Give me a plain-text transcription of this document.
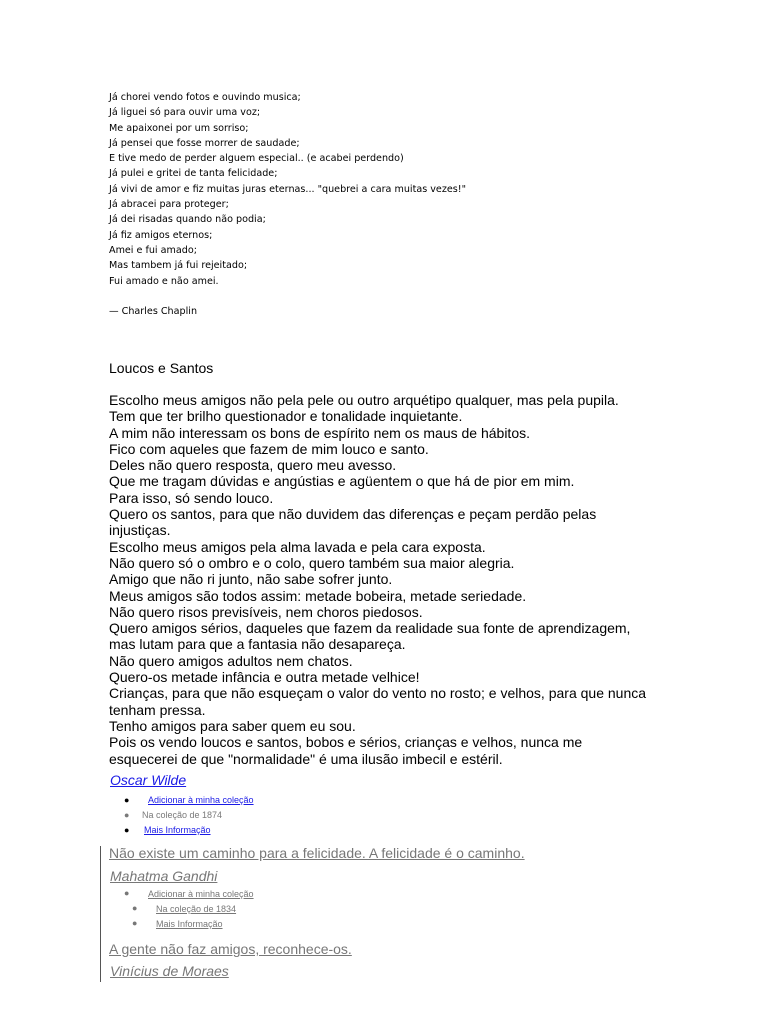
Já chorei vendo fotos e ouvindo musica;
Já liguei só para ouvir uma voz;
Me apaixonei por um sorriso;
Já pensei que fosse morrer de saudade;
E tive medo de perder alguem especial.. (e acabei perdendo)
Já pulei e gritei de tanta felicidade;
Já vivi de amor e fiz muitas juras eternas... "quebrei a cara muitas vezes!"
Já abracei para proteger;
Já dei risadas quando não podia;
Já fiz amigos eternos;
Amei e fui amado;
Mas tambem já fui rejeitado;
Fui amado e não amei.
— Charles Chaplin
Loucos e Santos
Escolho meus amigos não pela pele ou outro arquétipo qualquer, mas pela pupila.
Tem que ter brilho questionador e tonalidade inquietante.
A mim não interessam os bons de espírito nem os maus de hábitos.
Fico com aqueles que fazem de mim louco e santo.
Deles não quero resposta, quero meu avesso.
Que me tragam dúvidas e angústias e agüentem o que há de pior em mim.
Para isso, só sendo louco.
Quero os santos, para que não duvidem das diferenças e peçam perdão pelas injustiças.
Escolho meus amigos pela alma lavada e pela cara exposta.
Não quero só o ombro e o colo, quero também sua maior alegria.
Amigo que não ri junto, não sabe sofrer junto.
Meus amigos são todos assim: metade bobeira, metade seriedade.
Não quero risos previsíveis, nem choros piedosos.
Quero amigos sérios, daqueles que fazem da realidade sua fonte de aprendizagem, mas lutam para que a fantasia não desapareça.
Não quero amigos adultos nem chatos.
Quero-os metade infância e outra metade velhice!
Crianças, para que não esqueçam o valor do vento no rosto; e velhos, para que nunca tenham pressa.
Tenho amigos para saber quem eu sou.
Pois os vendo loucos e santos, bobos e sérios, crianças e velhos, nunca me esquecerei de que "normalidade" é uma ilusão imbecil e estéril.
Oscar Wilde
● Adicionar à minha coleção
● Na coleção de 1874
● Mais Informação
Não existe um caminho para a felicidade. A felicidade é o caminho.
Mahatma Gandhi
● Adicionar à minha coleção
● Na coleção de 1834
● Mais Informação
A gente não faz amigos, reconhece-os.
Vinícius de Moraes
